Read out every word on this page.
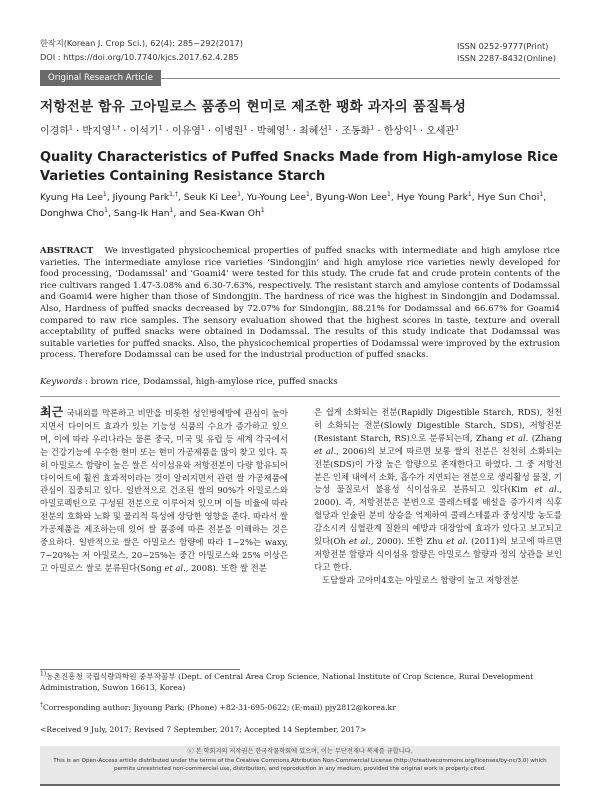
한작지(Korean J. Crop Sci.), 62(4): 285~292(2017)
DOI : https://doi.org/10.7740/kjcs.2017.62.4.285
ISSN 0252-9777(Print)
ISSN 2287-8432(Online)
Original Research Article
저항전분 함유 고아밀로스 품종의 현미로 제조한 팽화 과자의 품질특성
이경하$^1$ · 박지영$^{1,\dagger}$ · 이석기$^1$ · 이유영$^1$ · 이병원$^1$ · 박혜영$^1$ · 최혜선$^1$ · 조동화$^1$ · 한상익$^1$ · 오세관$^1$
Quality Characteristics of Puffed Snacks Made from High-amylose Rice Varieties Containing Resistance Starch
Kyung Ha Lee$^1$, Jiyoung Park$^{1,\dagger}$, Seuk Ki Lee$^1$, Yu-Young Lee$^1$, Byung-Won Lee$^1$, Hye Young Park$^1$, Hye Sun Choi$^1$, Donghwa Cho$^1$, Sang-Ik Han$^1$, and Sea-Kwan Oh$^1$
ABSTRACT We investigated physicochemical properties of puffed snacks with intermediate and high amylose rice varieties. The intermediate amylose rice varieties ‘Sindongjin’ and high amylose rice varieties newly developed for food processing, ‘Dodamssal’ and ‘Goami4’ were tested for this study. The crude fat and crude protein contents of the rice cultivars ranged 1.47-3.08% and 6.30-7.63%, respectively. The resistant starch and amylose contents of Dodamssal and Goami4 were higher than those of Sindongjin. The hardness of rice was the highest in Sindongjin and Dodamssal. Also, Hardness of puffed snacks decreased by 72.07% for Sindongjin, 88.21% for Dodamssal and 66.67% for Goami4 compared to raw rice samples. The sensory evaluation showed that the highest scores in taste, texture and overall acceptability of puffed snacks were obtained in Dodamssal. The results of this study indicate that Dodamssal was suitable varieties for puffed snacks. Also, the physicochemical properties of Dodamssal were improved by the extrusion process. Therefore Dodamssal can be used for the industrial production of puffed snacks.
Keywords : brown rice, Dodamssal, high-amylose rice, puffed snacks
최근 국내외를 막론하고 비만을 비롯한 성인병예방에 관심이 높아지면서 다이어트 효과가 있는 기능성 식품의 수요가 증가하고 있으며, 이에 따라 우리나라는 물론 중국, 미국 및 유럽 등 세계 각국에서는 건강기능에 우수한 현미 또는 현미 가공제품을 많이 찾고 있다. 특히 아밀로스 함량이 높은 쌀은 식이섬유와 저항전분이 다량 함유되어 다이어트에 훨씬 효과적이라는 것이 알려지면서 관련 쌀 가공제품에 관심이 집중되고 있다. 일반적으로 건조된 쌀의 90%가 아밀로스와 아밀로펙틴으로 구성된 전분으로 이루어져 있으며 이들 비율에 따라 전분의 호화와 노화 및 물리적 특성에 상당한 영향을 준다. 따라서 쌀 가공제품을 제조하는데 있어 쌀 품종에 따른 전분을 이해하는 것은 중요하다. 일반적으로 쌀은 아밀로스 함량에 따라 1~2%는 waxy, 7~20%는 저 아밀로스, 20~25%는 중간 아밀로스와 25% 이상은 고 아밀로스 쌀로 분류된다(Song et al., 2008). 또한 쌀 전분
은 쉽게 소화되는 전분(Rapidly Digestible Starch, RDS), 천천히 소화되는 전분(Slowly Digestible Starch, SDS), 저항전분(Resistant Starch, RS)으로 분류되는데, Zhang et al. (Zhang et al., 2006)의 보고에 따르면 보통 쌀의 전분은 천천히 소화되는 전분(SDS)이 가장 높은 함량으로 존재한다고 하였다. 그 중 저항전분은 인체 내에서 소화, 흡수가 지연되는 전분으로 생리활성 물질, 기능성 물질로서 불용성 식이섬유로 분류되고 있다(Kim et al., 2000). 즉, 저항전분은 분변으로 콜레스테롤 배설을 증가시켜 식후 혈당과 인슐린 분비 상승을 억제하여 콜레스테롤과 중성지방 농도를 감소시켜 심혈관계 질환의 예방과 대장암에 효과가 있다고 보고되고 있다(Oh et al., 2000). 또한 Zhu et al. (2011)의 보고에 따르면 저항전분 함량과 식이섬유 함량은 아밀로스 함량과 정의 상관을 보인다고 한다.
도담쌀과 고아미4호는 아밀로스 함량이 높고 저항전분
$^{1)}$농촌진흥청 국립식량과학원 중부작물부 (Dept. of Central Area Crop Science, National Institute of Crop Science, Rural Development Administration, Suwon 16613, Korea)
†Corresponding author: Jiyoung Park; (Phone) +82-31-695-0622; (E-mail) pjy2812@korea.kr
<Received 9 July, 2017; Revised 7 September, 2017; Accepted 14 September, 2017>
ⓒ 본 학회지의 저작권은 한국작물학회에 있으며, 이는 무단전재나 복제를 금합니다.
This is an Open-Access article distributed under the terms of the Creative Commons Attribution Non-Commercial License (http://creativecommons.org/licenses/by-nc/3.0) which permits unrestricted non-commercial use, distribution, and reproduction in any medium, provided the original work is properly cited.
